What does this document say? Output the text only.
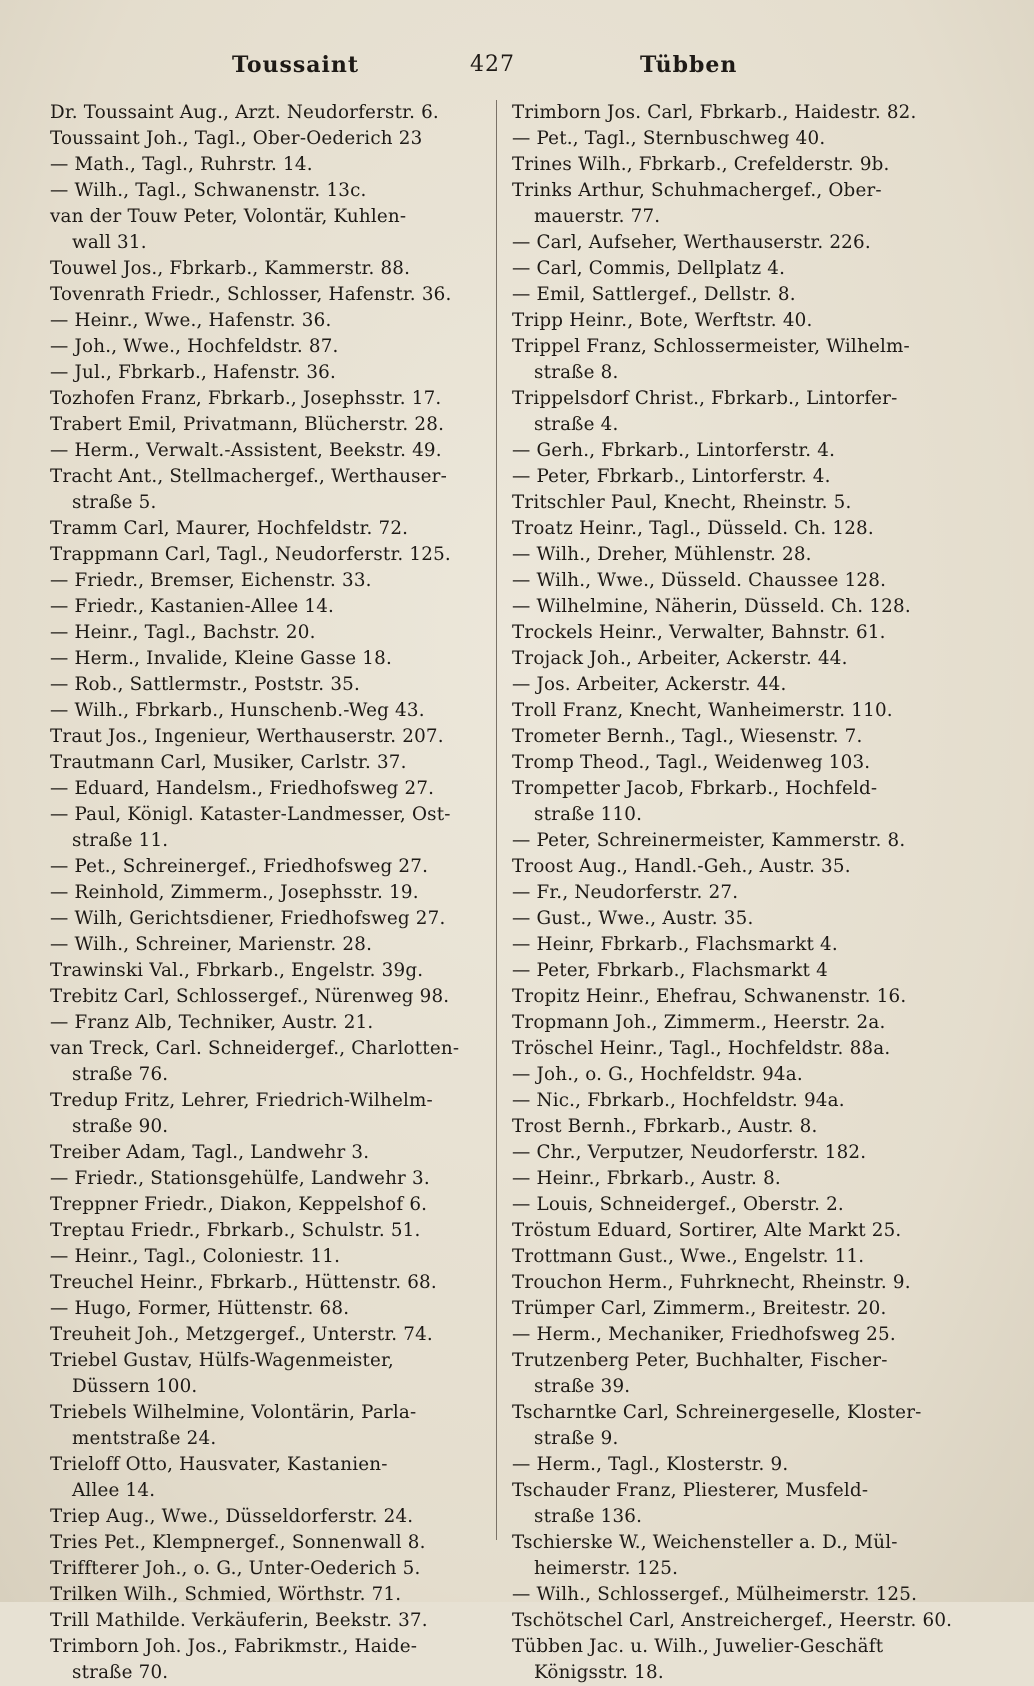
Toussaint	427	Tübben
Dr. Toussaint Aug., Arzt. Neudorferstr. 6.
Toussaint Joh., Tagl., Ober-Oederich 23
— Math., Tagl., Ruhrstr. 14.
— Wilh., Tagl., Schwanenstr. 13c.
van der Touw Peter, Volontär, Kuhlen-
wall 31.
Touwel Jos., Fbrkarb., Kammerstr. 88.
Tovenrath Friedr., Schlosser, Hafenstr. 36.
— Heinr., Wwe., Hafenstr. 36.
— Joh., Wwe., Hochfeldstr. 87.
— Jul., Fbrkarb., Hafenstr. 36.
Tozhofen Franz, Fbrkarb., Josephsstr. 17.
Trabert Emil, Privatmann, Blücherstr. 28.
— Herm., Verwalt.-Assistent, Beekstr. 49.
Tracht Ant., Stellmachergef., Werthauser-
straße 5.
Tramm Carl, Maurer, Hochfeldstr. 72.
Trappmann Carl, Tagl., Neudorferstr. 125.
— Friedr., Bremser, Eichenstr. 33.
— Friedr., Kastanien-Allee 14.
— Heinr., Tagl., Bachstr. 20.
— Herm., Invalide, Kleine Gasse 18.
— Rob., Sattlermstr., Poststr. 35.
— Wilh., Fbrkarb., Hunschenb.-Weg 43.
Traut Jos., Ingenieur, Werthauserstr. 207.
Trautmann Carl, Musiker, Carlstr. 37.
— Eduard, Handelsm., Friedhofsweg 27.
— Paul, Königl. Kataster-Landmesser, Ost-
straße 11.
— Pet., Schreinergef., Friedhofsweg 27.
— Reinhold, Zimmerm., Josephsstr. 19.
— Wilh, Gerichtsdiener, Friedhofsweg 27.
— Wilh., Schreiner, Marienstr. 28.
Trawinski Val., Fbrkarb., Engelstr. 39g.
Trebitz Carl, Schlossergef., Nürenweg 98.
— Franz Alb, Techniker, Austr. 21.
van Treck, Carl. Schneidergef., Charlotten-
straße 76.
Tredup Fritz, Lehrer, Friedrich-Wilhelm-
straße 90.
Treiber Adam, Tagl., Landwehr 3.
— Friedr., Stationsgehülfe, Landwehr 3.
Treppner Friedr., Diakon, Keppelshof 6.
Treptau Friedr., Fbrkarb., Schulstr. 51.
— Heinr., Tagl., Coloniestr. 11.
Treuchel Heinr., Fbrkarb., Hüttenstr. 68.
— Hugo, Former, Hüttenstr. 68.
Treuheit Joh., Metzgergef., Unterstr. 74.
Triebel Gustav, Hülfs-Wagenmeister,
Düssern 100.
Triebels Wilhelmine, Volontärin, Parla-
mentstraße 24.
Trieloff Otto, Hausvater, Kastanien-
Allee 14.
Triep Aug., Wwe., Düsseldorferstr. 24.
Tries Pet., Klempnergef., Sonnenwall 8.
Triffterer Joh., o. G., Unter-Oederich 5.
Trilken Wilh., Schmied, Wörthstr. 71.
Trill Mathilde. Verkäuferin, Beekstr. 37.
Trimborn Joh. Jos., Fabrikmstr., Haide-
straße 70.
Trimborn Jos. Carl, Fbrkarb., Haidestr. 82.
— Pet., Tagl., Sternbuschweg 40.
Trines Wilh., Fbrkarb., Crefelderstr. 9b.
Trinks Arthur, Schuhmachergef., Ober-
mauerstr. 77.
— Carl, Aufseher, Werthauserstr. 226.
— Carl, Commis, Dellplatz 4.
— Emil, Sattlergef., Dellstr. 8.
Tripp Heinr., Bote, Werftstr. 40.
Trippel Franz, Schlossermeister, Wilhelm-
straße 8.
Trippelsdorf Christ., Fbrkarb., Lintorfer-
straße 4.
— Gerh., Fbrkarb., Lintorferstr. 4.
— Peter, Fbrkarb., Lintorferstr. 4.
Tritschler Paul, Knecht, Rheinstr. 5.
Troatz Heinr., Tagl., Düsseld. Ch. 128.
— Wilh., Dreher, Mühlenstr. 28.
— Wilh., Wwe., Düsseld. Chaussee 128.
— Wilhelmine, Näherin, Düsseld. Ch. 128.
Trockels Heinr., Verwalter, Bahnstr. 61.
Trojack Joh., Arbeiter, Ackerstr. 44.
— Jos. Arbeiter, Ackerstr. 44.
Troll Franz, Knecht, Wanheimerstr. 110.
Trometer Bernh., Tagl., Wiesenstr. 7.
Tromp Theod., Tagl., Weidenweg 103.
Trompetter Jacob, Fbrkarb., Hochfeld-
straße 110.
— Peter, Schreinermeister, Kammerstr. 8.
Troost Aug., Handl.-Geh., Austr. 35.
— Fr., Neudorferstr. 27.
— Gust., Wwe., Austr. 35.
— Heinr, Fbrkarb., Flachsmarkt 4.
— Peter, Fbrkarb., Flachsmarkt 4
Tropitz Heinr., Ehefrau, Schwanenstr. 16.
Tropmann Joh., Zimmerm., Heerstr. 2a.
Tröschel Heinr., Tagl., Hochfeldstr. 88a.
— Joh., o. G., Hochfeldstr. 94a.
— Nic., Fbrkarb., Hochfeldstr. 94a.
Trost Bernh., Fbrkarb., Austr. 8.
— Chr., Verputzer, Neudorferstr. 182.
— Heinr., Fbrkarb., Austr. 8.
— Louis, Schneidergef., Oberstr. 2.
Tröstum Eduard, Sortirer, Alte Markt 25.
Trottmann Gust., Wwe., Engelstr. 11.
Trouchon Herm., Fuhrknecht, Rheinstr. 9.
Trümper Carl, Zimmerm., Breitestr. 20.
— Herm., Mechaniker, Friedhofsweg 25.
Trutzenberg Peter, Buchhalter, Fischer-
straße 39.
Tscharntke Carl, Schreinergeselle, Kloster-
straße 9.
— Herm., Tagl., Klosterstr. 9.
Tschauder Franz, Pliesterer, Musfeld-
straße 136.
Tschierske W., Weichensteller a. D., Mül-
heimerstr. 125.
— Wilh., Schlossergef., Mülheimerstr. 125.
Tschötschel Carl, Anstreichergef., Heerstr. 60.
Tübben Jac. u. Wilh., Juwelier-Geschäft
Königsstr. 18.
